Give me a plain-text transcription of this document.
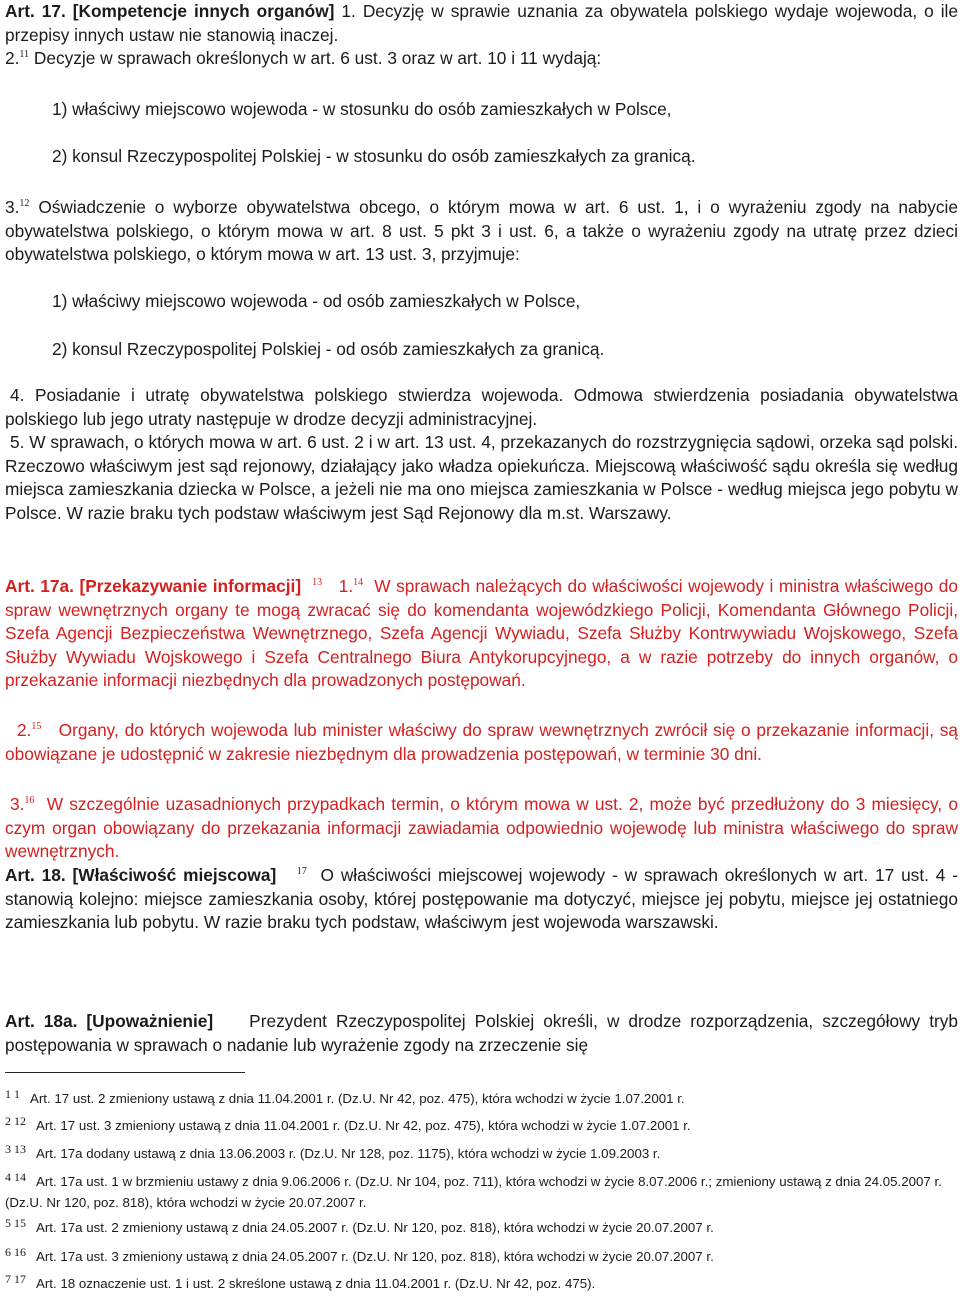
Art. 17. [Kompetencje innych organów] 1. Decyzję w sprawie uznania za obywatela polskiego wydaje wojewoda, o ile przepisy innych ustaw nie stanowią inaczej.

2.11 Decyzje w sprawach określonych w art. 6 ust. 3 oraz w art. 10 i 11 wydają:

1) właściwy miejscowo wojewoda - w stosunku do osób zamieszkałych w Polsce,

2) konsul Rzeczypospolitej Polskiej - w stosunku do osób zamieszkałych za granicą.

3.12 Oświadczenie o wyborze obywatelstwa obcego, o którym mowa w art. 6 ust. 1, i o wyrażeniu zgody na nabycie obywatelstwa polskiego, o którym mowa w art. 8 ust. 5 pkt 3 i ust. 6, a także o wyrażeniu zgody na utratę przez dzieci obywatelstwa polskiego, o którym mowa w art. 13 ust. 3, przyjmuje:

1) właściwy miejscowo wojewoda - od osób zamieszkałych w Polsce,

2) konsul Rzeczypospolitej Polskiej - od osób zamieszkałych za granicą.

4. Posiadanie i utratę obywatelstwa polskiego stwierdza wojewoda. Odmowa stwierdzenia posiadania obywatelstwa polskiego lub jego utraty następuje w drodze decyzji administracyjnej.

5. W sprawach, o których mowa w art. 6 ust. 2 i w art. 13 ust. 4, przekazanych do rozstrzygnięcia sądowi, orzeka sąd polski. Rzeczowo właściwym jest sąd rejonowy, działający jako władza opiekuńcza. Miejscową właściwość sądu określa się według miejsca zamieszkania dziecka w Polsce, a jeżeli nie ma ono miejsca zamieszkania w Polsce - według miejsca jego pobytu w Polsce. W razie braku tych podstaw właściwym jest Sąd Rejonowy dla m.st. Warszawy.

Art. 17a. [Przekazywanie informacji] $^{13}$ 1.14 W sprawach należących do właściwości wojewody i ministra właściwego do spraw wewnętrznych organy te mogą zwracać się do komendanta wojewódzkiego Policji, Komendanta Głównego Policji, Szefa Agencji Bezpieczeństwa Wewnętrznego, Szefa Agencji Wywiadu, Szefa Służby Kontrwywiadu Wojskowego, Szefa Służby Wywiadu Wojskowego i Szefa Centralnego Biura Antykorupcyjnego, a w razie potrzeby do innych organów, o przekazanie informacji niezbędnych dla prowadzonych postępowań.

2.15 Organy, do których wojewoda lub minister właściwy do spraw wewnętrznych zwrócił się o przekazanie informacji, są obowiązane je udostępnić w zakresie niezbędnym dla prowadzenia postępowań, w terminie 30 dni.

3.16 W szczególnie uzasadnionych przypadkach termin, o którym mowa w ust. 2, może być przedłużony do 3 miesięcy, o czym organ obowiązany do przekazania informacji zawiadamia odpowiednio wojewodę lub ministra właściwego do spraw wewnętrznych.

Art. 18. [Właściwość miejscowa] $^{17}$ O właściwości miejscowej wojewody - w sprawach określonych w art. 17 ust. 4 - stanowią kolejno: miejsce zamieszkania osoby, której postępowanie ma dotyczyć, miejsce jej pobytu, miejsce jej ostatniego zamieszkania lub pobytu. W razie braku tych podstaw, właściwym jest wojewoda warszawski.

Art. 18a. [Upoważnienie] Prezydent Rzeczypospolitej Polskiej określi, w drodze rozporządzenia, szczegółowy tryb postępowania w sprawach o nadanie lub wyrażenie zgody na zrzeczenie się

1 1 Art. 17 ust. 2 zmieniony ustawą z dnia 11.04.2001 r. (Dz.U. Nr 42, poz. 475), która wchodzi w życie 1.07.2001 r.

2 12 Art. 17 ust. 3 zmieniony ustawą z dnia 11.04.2001 r. (Dz.U. Nr 42, poz. 475), która wchodzi w życie 1.07.2001 r.

3 13 Art. 17a dodany ustawą z dnia 13.06.2003 r. (Dz.U. Nr 128, poz. 1175), która wchodzi w życie 1.09.2003 r.

4 14 Art. 17a ust. 1 w brzmieniu ustawy z dnia 9.06.2006 r. (Dz.U. Nr 104, poz. 711), która wchodzi w życie 8.07.2006 r.; zmieniony ustawą z dnia 24.05.2007 r. (Dz.U. Nr 120, poz. 818), która wchodzi w życie 20.07.2007 r.

5 15 Art. 17a ust. 2 zmieniony ustawą z dnia 24.05.2007 r. (Dz.U. Nr 120, poz. 818), która wchodzi w życie 20.07.2007 r.

6 16 Art. 17a ust. 3 zmieniony ustawą z dnia 24.05.2007 r. (Dz.U. Nr 120, poz. 818), która wchodzi w życie 20.07.2007 r.

7 17 Art. 18 oznaczenie ust. 1 i ust. 2 skreślone ustawą z dnia 11.04.2001 r. (Dz.U. Nr 42, poz. 475).
